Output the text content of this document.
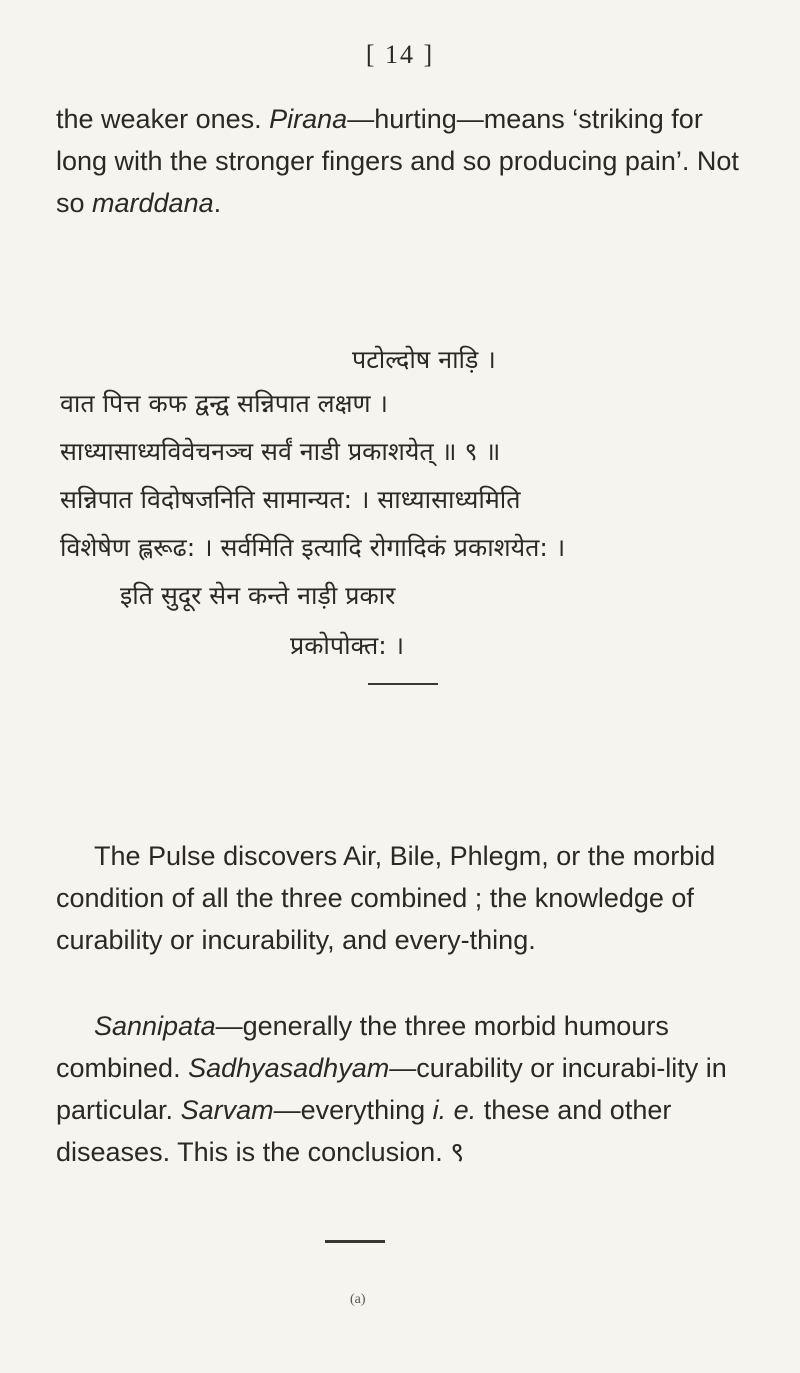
[ 14 ]

the weaker ones. Pirana—hurting—means ‘striking for long with the stronger fingers and so producing pain’. Not so marddana.

पटोल्दोष नाड़ि ।
वात पित्त कफ द्वन्द्व सन्निपात लक्षण ।
साध्यासाध्यविवेचनञ्च सर्वं नाडी प्रकाशयेत् ॥ ९ ॥
सन्निपात विदोषजनिति सामान्यत: । साध्यासाध्यमिति
विशेषेण ह्लरूढ: । सर्वमिति इत्यादि रोगादिकं प्रकाशयेत: ।
इति सुदूर सेन कन्ते नाड़ी प्रकार
प्रकोपोक्त: ।

The Pulse discovers Air, Bile, Phlegm, or the morbid condition of all the three combined ; the knowledge of curability or incurability, and every-thing.

Sannipata—generally the three morbid humours combined. Sadhyasadhyam—curability or incurabi-lity in particular. Sarvam—everything i. e. these and other diseases. This is the conclusion. ९

(a)
